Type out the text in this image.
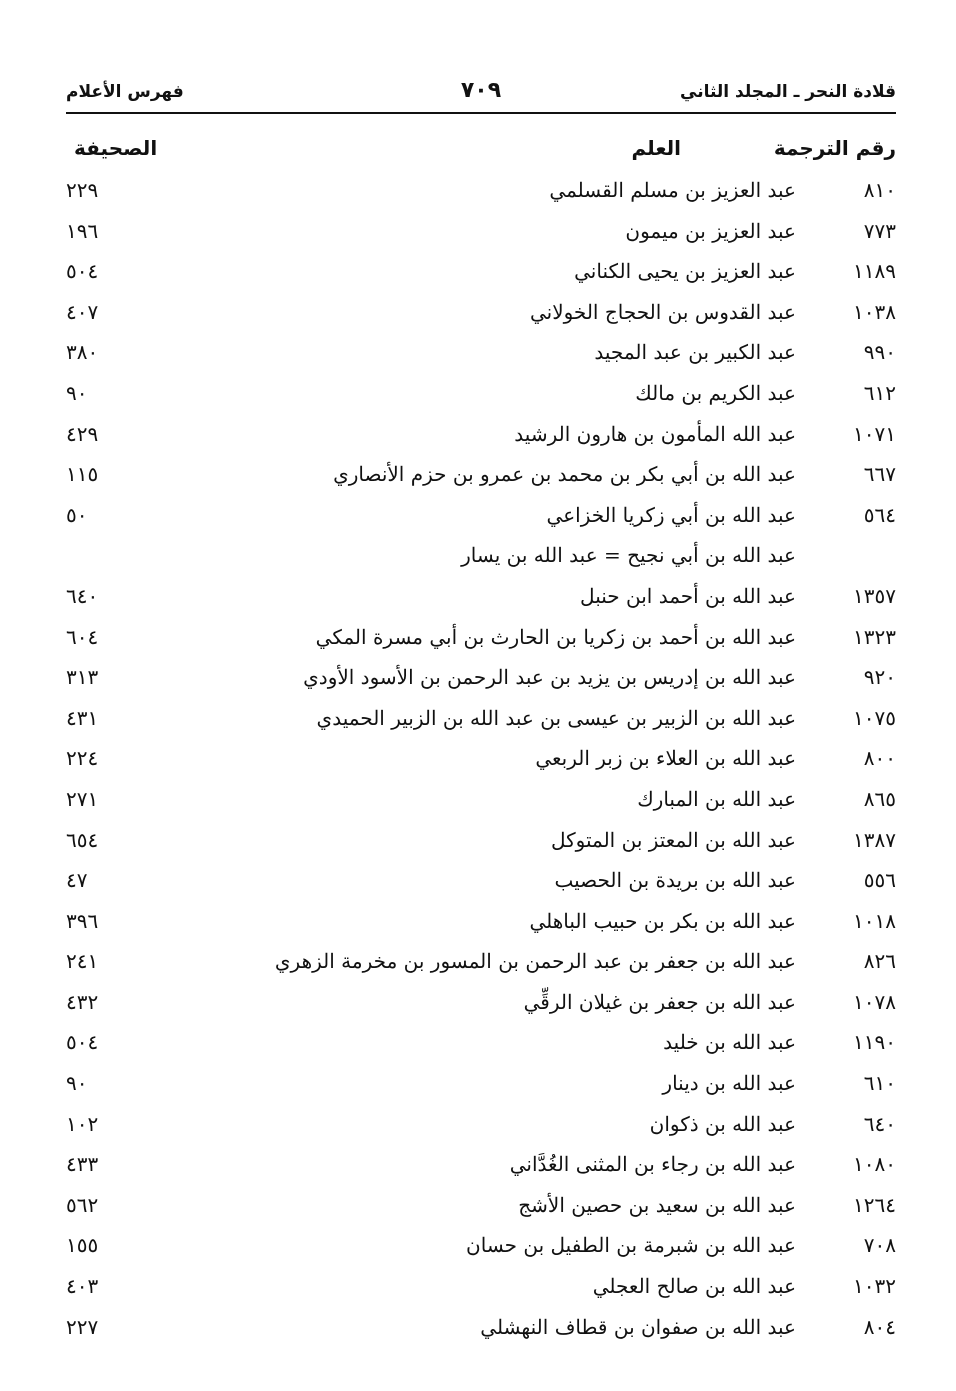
قلادة النحر ـ المجلد الثاني
٧٠٩
فهرس الأعلام
رقم الترجمة
العلم
الصحيفة
٨١٠
عبد العزيز بن مسلم القسلمي
٢٢٩
٧٧٣
عبد العزيز بن ميمون
١٩٦
١١٨٩
عبد العزيز بن يحيى الكناني
٥٠٤
١٠٣٨
عبد القدوس بن الحجاج الخولاني
٤٠٧
٩٩٠
عبد الكبير بن عبد المجيد
٣٨٠
٦١٢
عبد الكريم بن مالك
٩٠
١٠٧١
عبد الله المأمون بن هارون الرشيد
٤٢٩
٦٦٧
عبد الله بن أبي بكر بن محمد بن عمرو بن حزم الأنصاري
١١٥
٥٦٤
عبد الله بن أبي زكريا الخزاعي
٥٠
عبد الله بن أبي نجيح = عبد الله بن يسار
١٣٥٧
عبد الله بن أحمد ابن حنبل
٦٤٠
١٣٢٣
عبد الله بن أحمد بن زكريا بن الحارث بن أبي مسرة المكي
٦٠٤
٩٢٠
عبد الله بن إدريس بن يزيد بن عبد الرحمن بن الأسود الأودي
٣١٣
١٠٧٥
عبد الله بن الزبير بن عيسى بن عبد الله بن الزبير الحميدي
٤٣١
٨٠٠
عبد الله بن العلاء بن زبر الربعي
٢٢٤
٨٦٥
عبد الله بن المبارك
٢٧١
١٣٨٧
عبد الله بن المعتز بن المتوكل
٦٥٤
٥٥٦
عبد الله بن بريدة بن الحصيب
٤٧
١٠١٨
عبد الله بن بكر بن حبيب الباهلي
٣٩٦
٨٢٦
عبد الله بن جعفر بن عبد الرحمن بن المسور بن مخرمة الزهري
٢٤١
١٠٧٨
عبد الله بن جعفر بن غيلان الرقِّي
٤٣٢
١١٩٠
عبد الله بن خليد
٥٠٤
٦١٠
عبد الله بن دينار
٩٠
٦٤٠
عبد الله بن ذكوان
١٠٢
١٠٨٠
عبد الله بن رجاء بن المثنى الغُدَّاني
٤٣٣
١٢٦٤
عبد الله بن سعيد بن حصين الأشج
٥٦٢
٧٠٨
عبد الله بن شبرمة بن الطفيل بن حسان
١٥٥
١٠٣٢
عبد الله بن صالح العجلي
٤٠٣
٨٠٤
عبد الله بن صفوان بن قطاف النهشلي
٢٢٧
